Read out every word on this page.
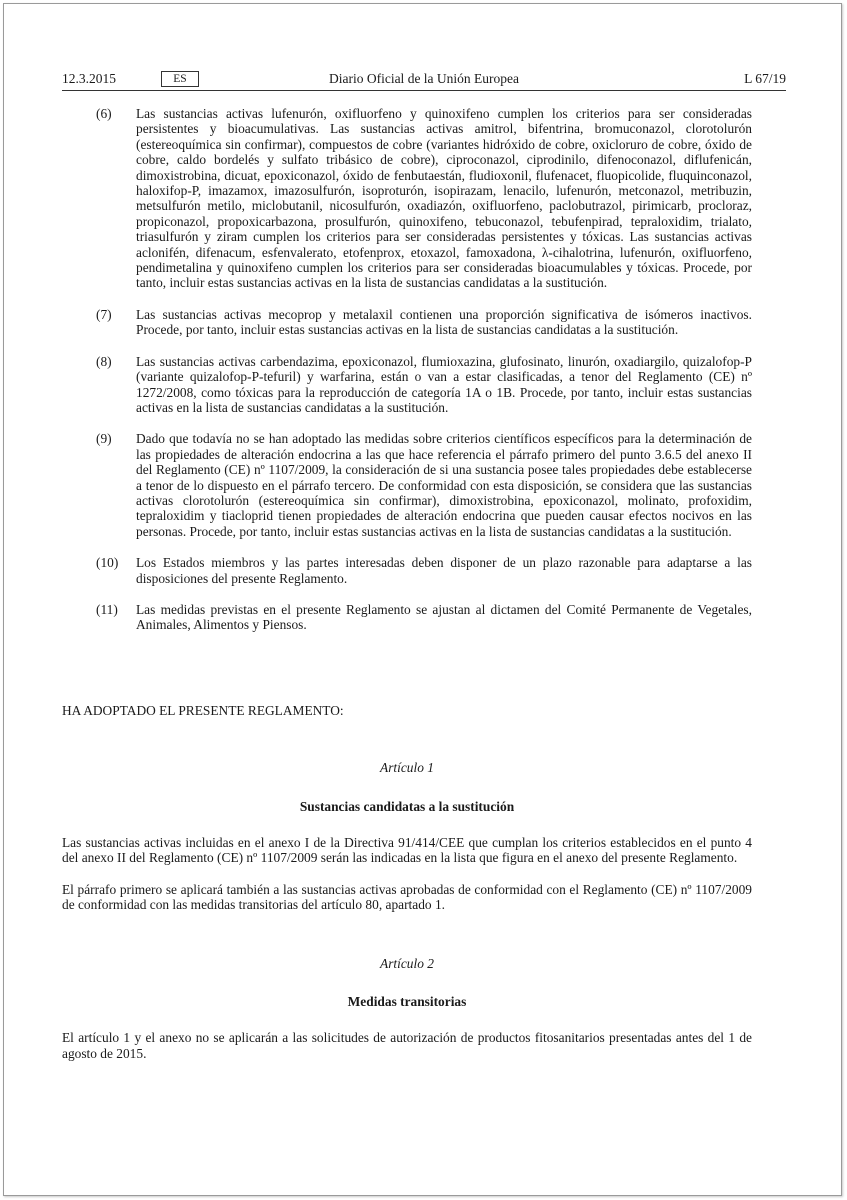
12.3.2015	ES	Diario Oficial de la Unión Europea	L 67/19
(6) Las sustancias activas lufenurón, oxifluorfeno y quinoxifeno cumplen los criterios para ser consideradas persistentes y bioacumulativas. Las sustancias activas amitrol, bifentrina, bromuconazol, clorotolurón (estereoquímica sin confirmar), compuestos de cobre (variantes hidróxido de cobre, oxicloruro de cobre, óxido de cobre, caldo bordelés y sulfato tribásico de cobre), ciproconazol, ciprodinilo, difenoconazol, diflufenicán, dimoxistrobina, dicuat, epoxiconazol, óxido de fenbutaestán, fludioxonil, flufenacet, fluopicolide, fluquinconazol, haloxifop-P, imazamox, imazosulfurón, isoproturón, isopirazam, lenacilo, lufenurón, metconazol, metribuzin, metsulfurón metilo, miclobutanil, nicosulfurón, oxadiazón, oxifluorfeno, paclobutrazol, pirimicarb, procloraz, propiconazol, propoxicarbazona, prosulfurón, quinoxifeno, tebuconazol, tebufenpirad, tepraloxidim, trialato, triasulfurón y ziram cumplen los criterios para ser consideradas persistentes y tóxicas. Las sustancias activas aclonifén, difenacum, esfenvalerato, etofenprox, etoxazol, famoxadona, λ-cihalotrina, lufenurón, oxifluorfeno, pendimetalina y quinoxifeno cumplen los criterios para ser consideradas bioacumulables y tóxicas. Procede, por tanto, incluir estas sustancias activas en la lista de sustancias candidatas a la sustitución.
(7) Las sustancias activas mecoprop y metalaxil contienen una proporción significativa de isómeros inactivos. Procede, por tanto, incluir estas sustancias activas en la lista de sustancias candidatas a la sustitución.
(8) Las sustancias activas carbendazima, epoxiconazol, flumioxazina, glufosinato, linurón, oxadiargilo, quizalofop-P (variante quizalofop-P-tefuril) y warfarina, están o van a estar clasificadas, a tenor del Reglamento (CE) nº 1272/2008, como tóxicas para la reproducción de categoría 1A o 1B. Procede, por tanto, incluir estas sustancias activas en la lista de sustancias candidatas a la sustitución.
(9) Dado que todavía no se han adoptado las medidas sobre criterios científicos específicos para la determinación de las propiedades de alteración endocrina a las que hace referencia el párrafo primero del punto 3.6.5 del anexo II del Reglamento (CE) nº 1107/2009, la consideración de si una sustancia posee tales propiedades debe establecerse a tenor de lo dispuesto en el párrafo tercero. De conformidad con esta disposición, se considera que las sustancias activas clorotolurón (estereoquímica sin confirmar), dimoxistrobina, epoxiconazol, molinato, profoxidim, tepraloxidim y tiacloprid tienen propiedades de alteración endocrina que pueden causar efectos nocivos en las personas. Procede, por tanto, incluir estas sustancias activas en la lista de sustancias candidatas a la sustitución.
(10) Los Estados miembros y las partes interesadas deben disponer de un plazo razonable para adaptarse a las disposiciones del presente Reglamento.
(11) Las medidas previstas en el presente Reglamento se ajustan al dictamen del Comité Permanente de Vegetales, Animales, Alimentos y Piensos.

HA ADOPTADO EL PRESENTE REGLAMENTO:

Artículo 1

Sustancias candidatas a la sustitución

Las sustancias activas incluidas en el anexo I de la Directiva 91/414/CEE que cumplan los criterios establecidos en el punto 4 del anexo II del Reglamento (CE) nº 1107/2009 serán las indicadas en la lista que figura en el anexo del presente Reglamento.

El párrafo primero se aplicará también a las sustancias activas aprobadas de conformidad con el Reglamento (CE) nº 1107/2009 de conformidad con las medidas transitorias del artículo 80, apartado 1.

Artículo 2

Medidas transitorias

El artículo 1 y el anexo no se aplicarán a las solicitudes de autorización de productos fitosanitarios presentadas antes del 1 de agosto de 2015.
